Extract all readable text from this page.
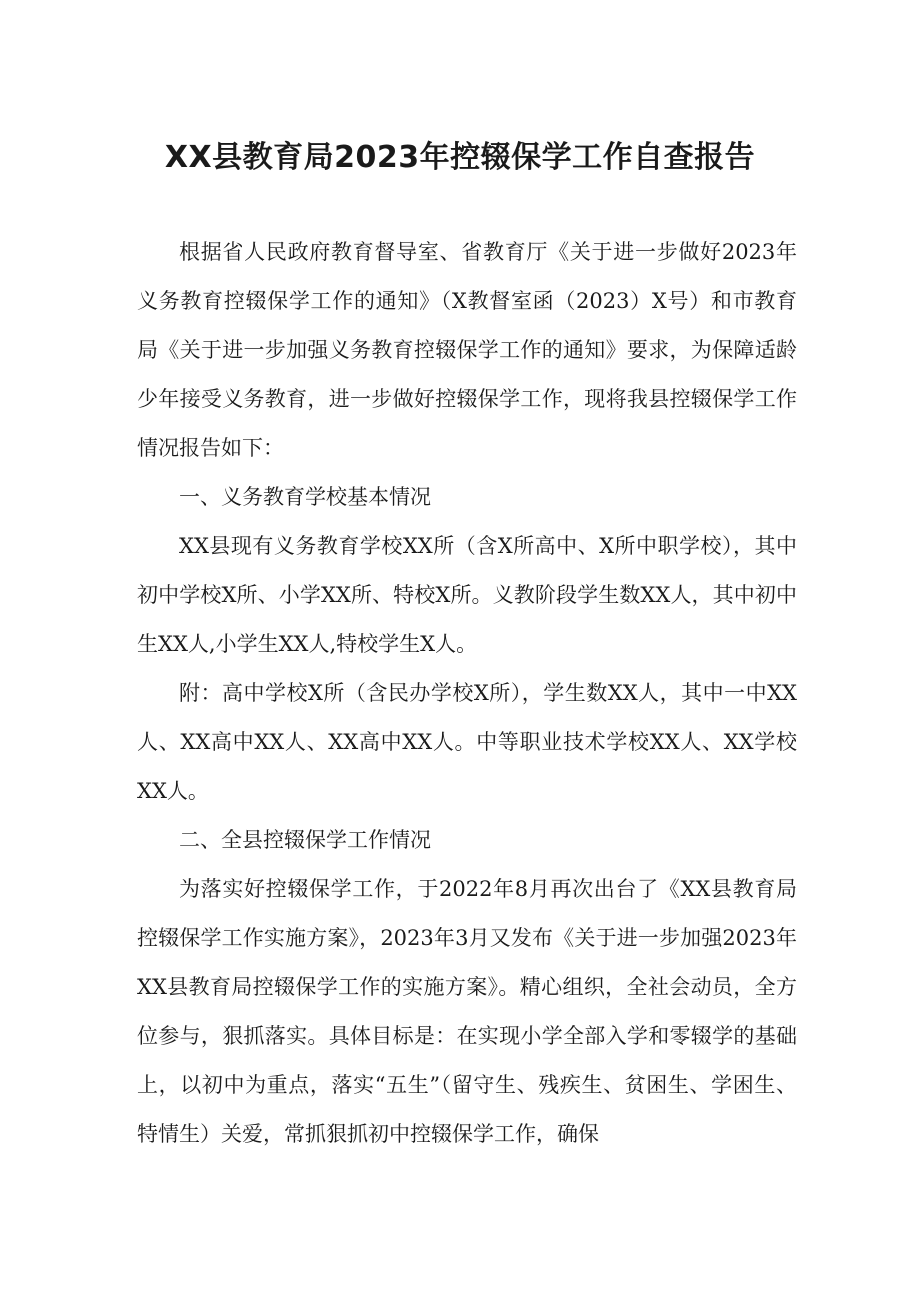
XX县教育局2023年控辍保学工作自查报告

根据省人民政府教育督导室、省教育厅《关于进一步做好2023年义务教育控辍保学工作的通知》（X教督室函（2023）X号）和市教育局《关于进一步加强义务教育控辍保学工作的通知》要求，为保障适龄少年接受义务教育，进一步做好控辍保学工作，现将我县控辍保学工作情况报告如下：

一、义务教育学校基本情况

XX县现有义务教育学校XX所（含X所高中、X所中职学校），其中初中学校X所、小学XX所、特校X所。义教阶段学生数XX人，其中初中生XX人,小学生XX人,特校学生X人。

附：高中学校X所（含民办学校X所），学生数XX人，其中一中XX人、XX高中XX人、XX高中XX人。中等职业技术学校XX人、XX学校XX人。

二、全县控辍保学工作情况

为落实好控辍保学工作，于2022年8月再次出台了《XX县教育局控辍保学工作实施方案》，2023年3月又发布《关于进一步加强2023年XX县教育局控辍保学工作的实施方案》。精心组织，全社会动员，全方位参与，狠抓落实。具体目标是：在实现小学全部入学和零辍学的基础上，以初中为重点，落实“五生”（留守生、残疾生、贫困生、学困生、特情生）关爱，常抓狠抓初中控辍保学工作，确保
